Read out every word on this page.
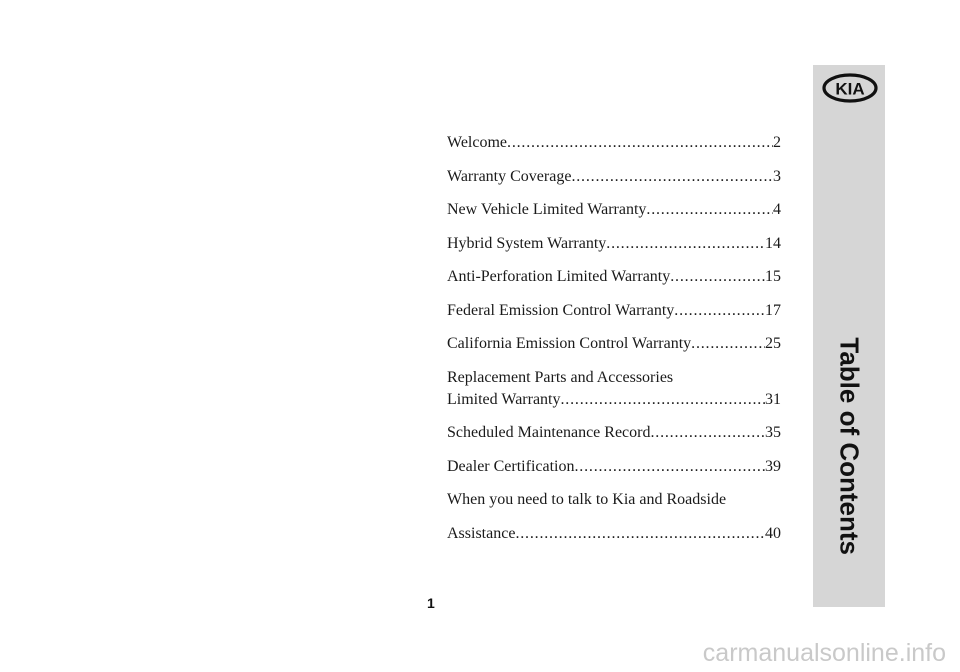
Welcome . . .	2
Warranty Coverage . . .	3
New Vehicle Limited Warranty . . .	4
Hybrid System Warranty . . .	14
Anti-Perforation Limited Warranty . . .	15
Federal Emission Control Warranty . . .	17
California Emission Control Warranty . . .	25
Replacement Parts and Accessories
Limited Warranty . . .	31
Scheduled Maintenance Record . . .	35
Dealer Certification . . .	39
When you need to talk to Kia and Roadside
Assistance . . .	40
KIA
Table of Contents
1
carmanualsonline.info
